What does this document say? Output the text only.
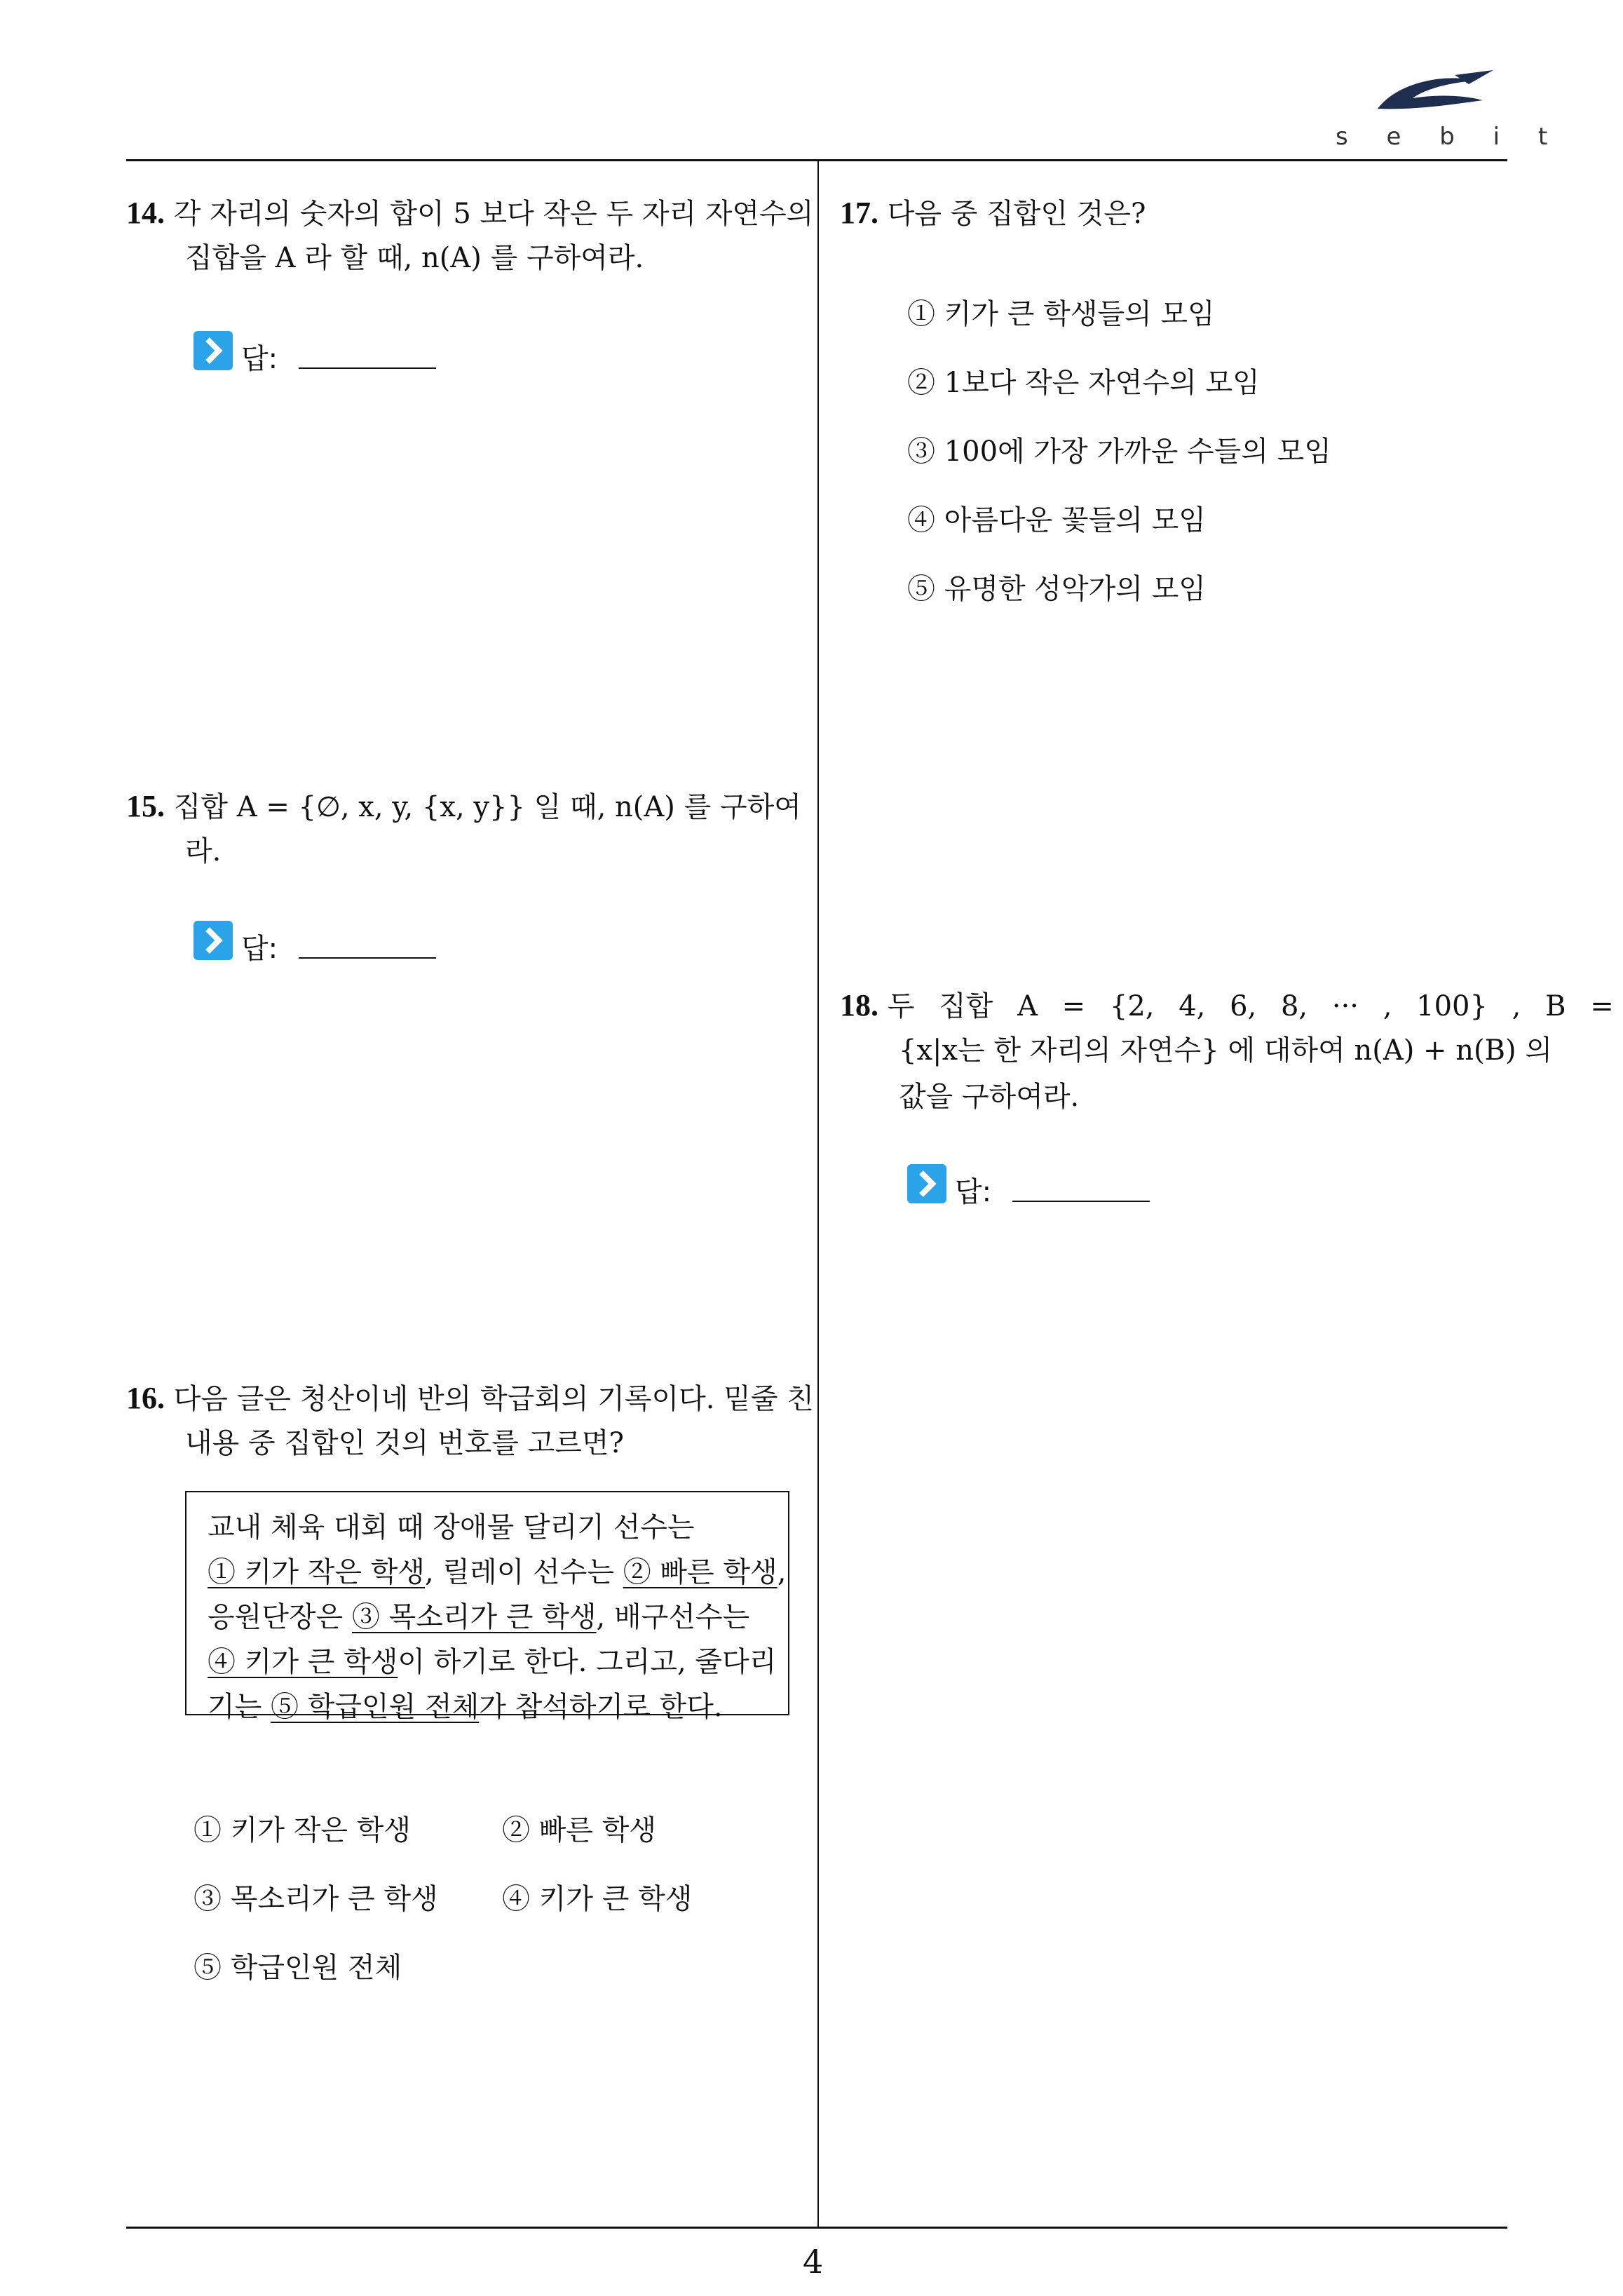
s e b i t
4
14. 각 자리의 숫자의 합이 5 보다 작은 두 자리 자연수의
집합을 A 라 할 때, n(A) 를 구하여라.
답:
15. 집합 A = {∅, x, y, {x, y}} 일 때, n(A) 를 구하여
라.
답:
16. 다음 글은 청산이네 반의 학급회의 기록이다. 밑줄 친
내용 중 집합인 것의 번호를 고르면?
교내 체육 대회 때 장애물 달리기 선수는
① 키가 작은 학생, 릴레이 선수는 ② 빠른 학생,
응원단장은 ③ 목소리가 큰 학생, 배구선수는
④ 키가 큰 학생이 하기로 한다. 그리고, 줄다리
기는 ⑤ 학급인원 전체가 참석하기로 한다.
① 키가 작은 학생	② 빠른 학생
③ 목소리가 큰 학생 ④ 키가 큰 학생
⑤ 학급인원 전체
17. 다음 중 집합인 것은?
① 키가 큰 학생들의 모임
② 1보다 작은 자연수의 모임
③ 100에 가장 가까운 수들의 모임
④ 아름다운 꽃들의 모임
⑤ 유명한 성악가의 모임
18. 두 집합 A = {2, 4, 6, 8, ··· , 100} , B =
{x|x는 한 자리의 자연수} 에 대하여 n(A) + n(B) 의
값을 구하여라.
답:
